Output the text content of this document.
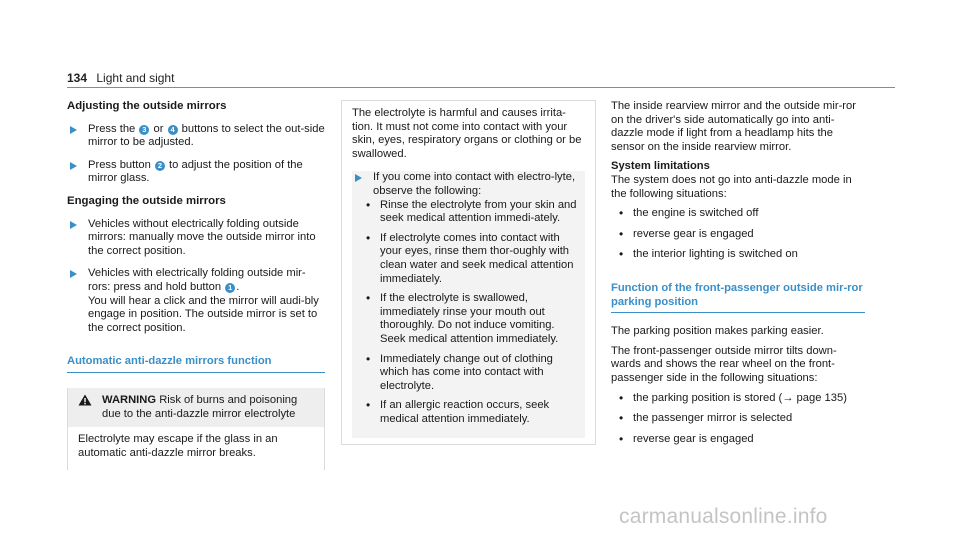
134 Light and sight
Adjusting the outside mirrors
Press the 3 or 4 buttons to select the out-side mirror to be adjusted.
Press button 2 to adjust the position of the mirror glass.
Engaging the outside mirrors
Vehicles without electrically folding outside mirrors: manually move the outside mirror into the correct position.
Vehicles with electrically folding outside mir-rors: press and hold button 1 .
You will hear a click and the mirror will audi-bly engage in position. The outside mirror is set to the correct position.
Automatic anti-dazzle mirrors function
WARNING Risk of burns and poisoning due to the anti-dazzle mirror electrolyte
Electrolyte may escape if the glass in an automatic anti-dazzle mirror breaks.

The electrolyte is harmful and causes irrita-tion. It must not come into contact with your skin, eyes, respiratory organs or clothing or be swallowed.

If you come into contact with electro-lyte, observe the following:
• Rinse the electrolyte from your skin and seek medical attention immedi-ately.
• If electrolyte comes into contact with your eyes, rinse them thor-oughly with clean water and seek medical attention immediately.
• If the electrolyte is swallowed, immediately rinse your mouth out thoroughly. Do not induce vomiting. Seek medical attention immediately.
• Immediately change out of clothing which has come into contact with electrolyte.
• If an allergic reaction occurs, seek medical attention immediately.

The inside rearview mirror and the outside mir-ror on the driver's side automatically go into anti-dazzle mode if light from a headlamp hits the sensor on the inside rearview mirror.

System limitations

The system does not go into anti-dazzle mode in the following situations:

• the engine is switched off
• reverse gear is engaged
• the interior lighting is switched on
Function of the front-passenger outside mir-ror parking position

The parking position makes parking easier.

The front-passenger outside mirror tilts down-wards and shows the rear wheel on the front-passenger side in the following situations:

• the parking position is stored (→ page 135)
• the passenger mirror is selected
• reverse gear is engaged
carmanualsonline.info
